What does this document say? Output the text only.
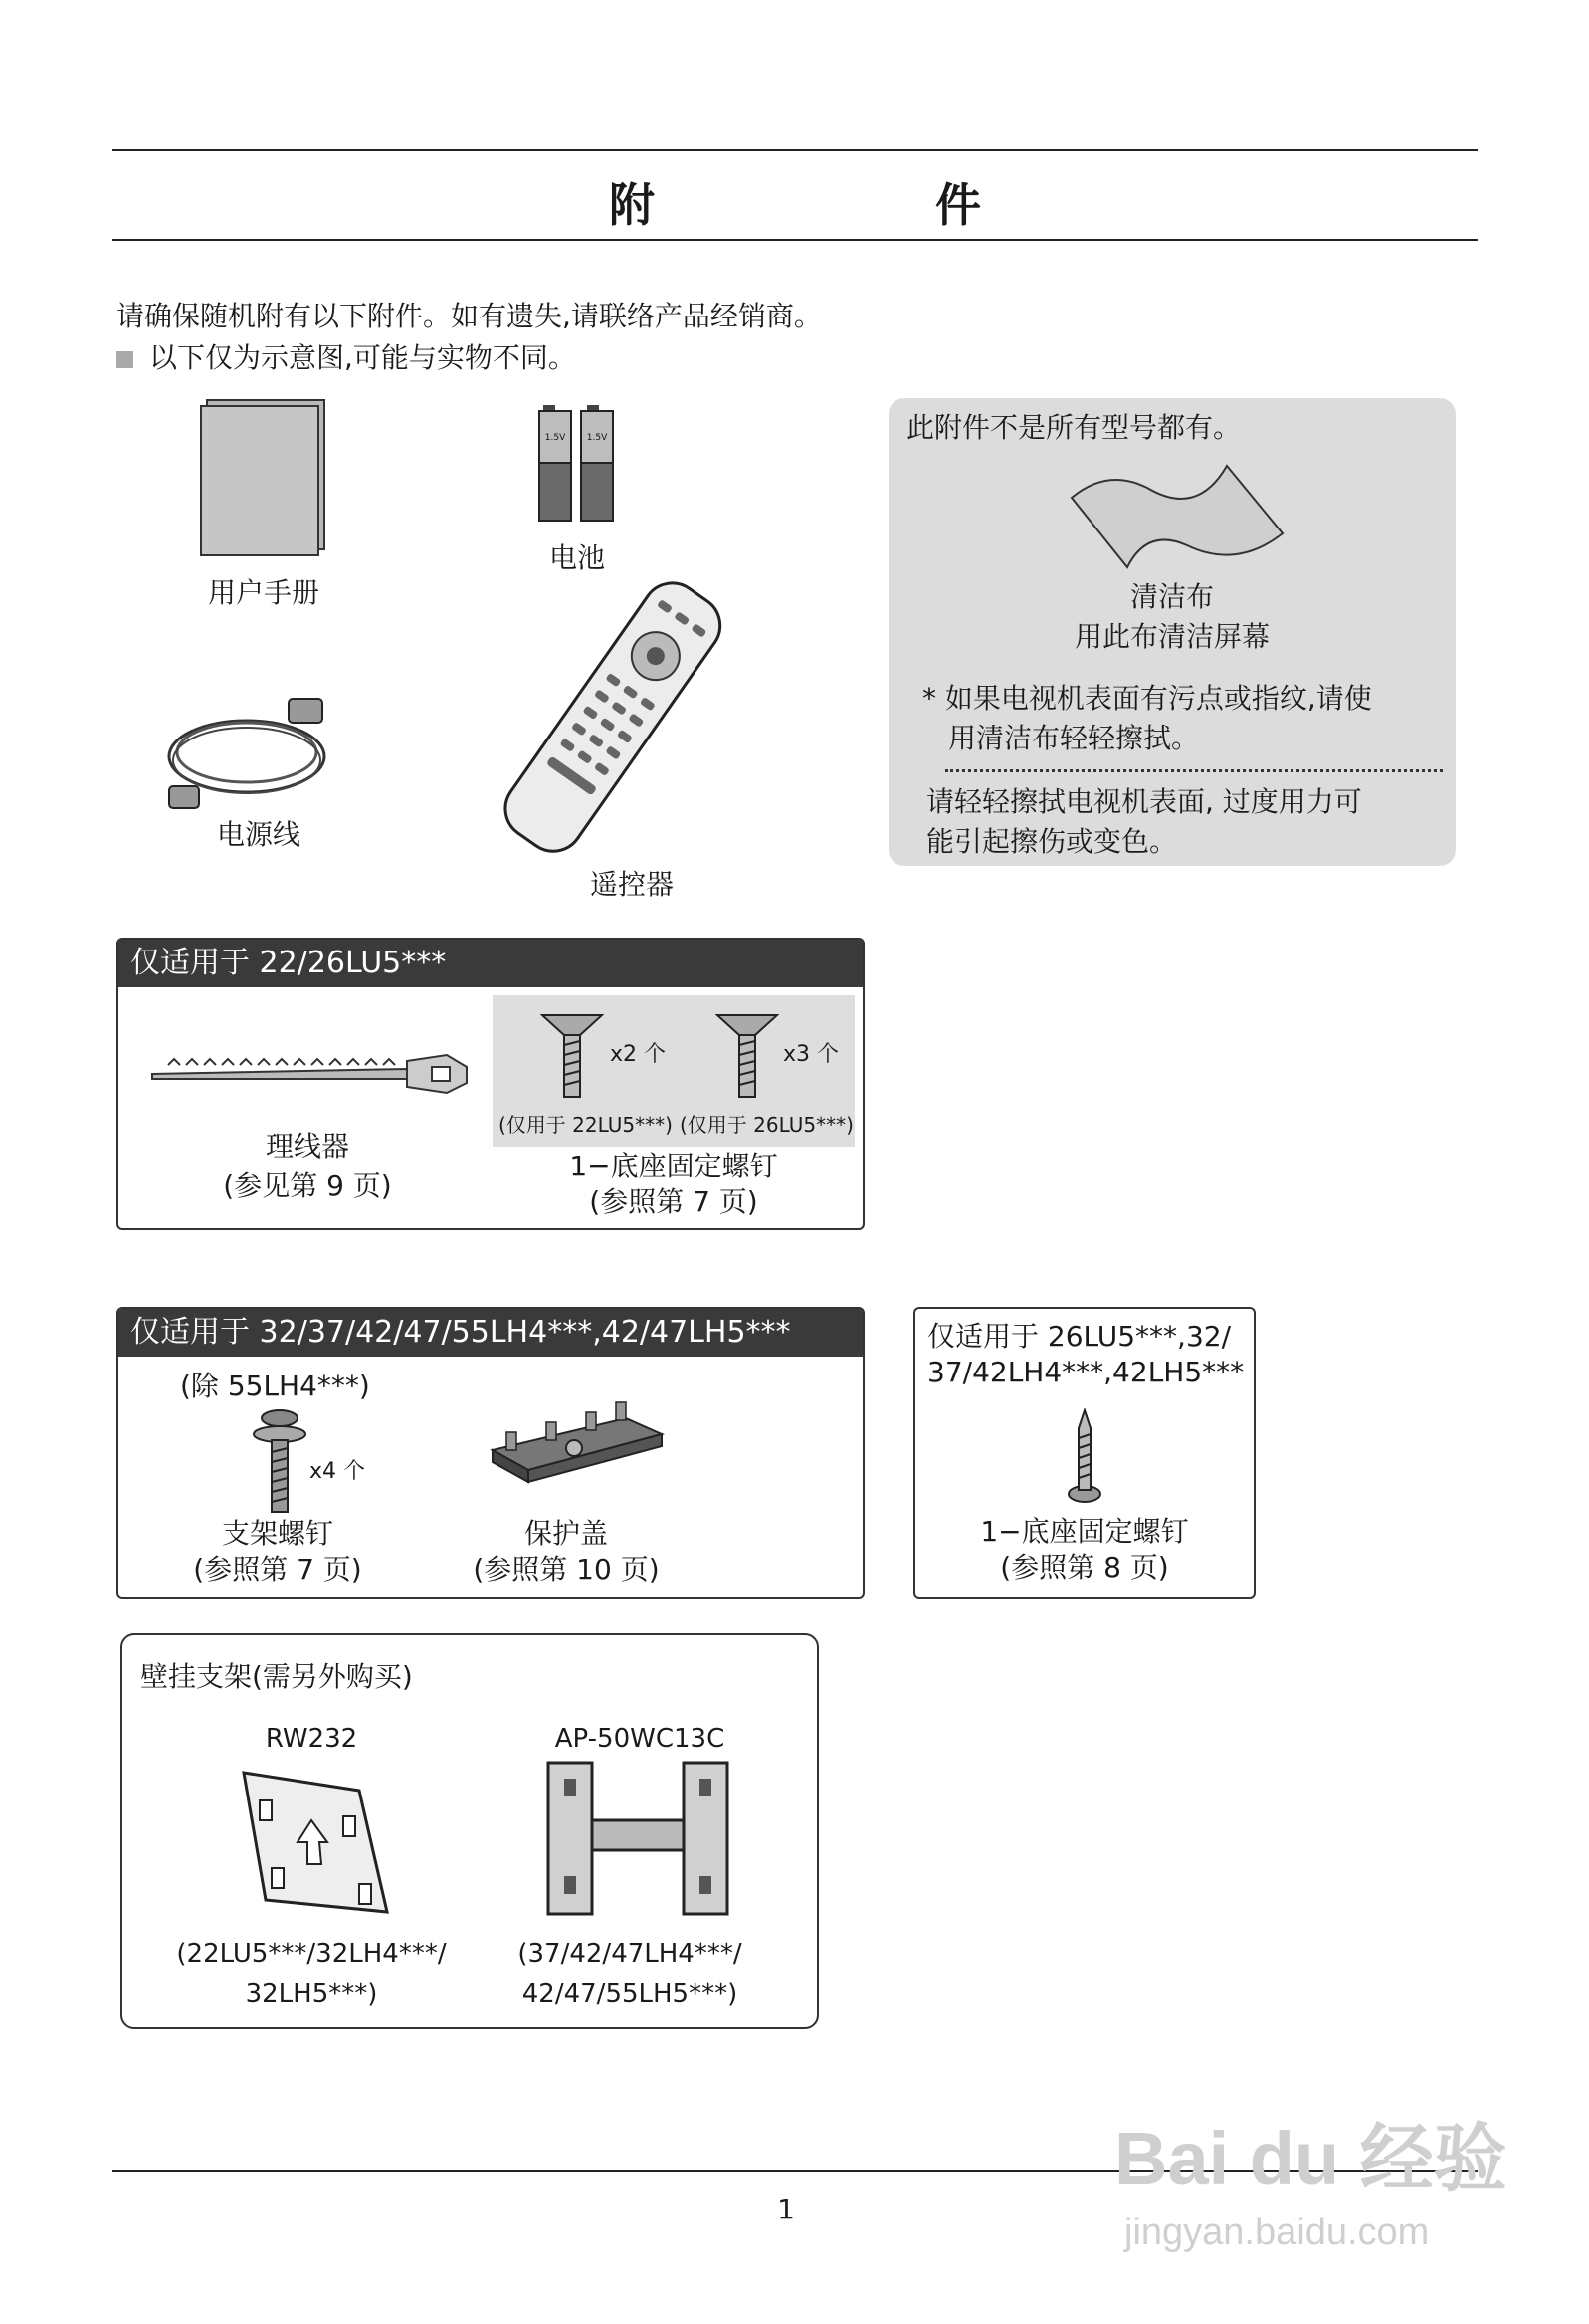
附　件
请确保随机附有以下附件。如有遗失,请联络产品经销商。
以下仅为示意图,可能与实物不同。
用户手册
1.5V 1.5V
电池
电源线
遥控器
此附件不是所有型号都有。
清洁布
用此布清洁屏幕
* 如果电视机表面有污点或指纹,请使
用清洁布轻轻擦拭。
请轻轻擦拭电视机表面, 过度用力可
能引起擦伤或变色。
仅适用于 22/26LU5***
理线器
(参见第 9 页)
x2 个	x3 个
(仅用于 22LU5***) (仅用于 26LU5***)
1−底座固定螺钉
(参照第 7 页)
仅适用于 32/37/42/47/55LH4***,42/47LH5***
(除 55LH4***)
x4 个
支架螺钉
(参照第 7 页)
保护盖
(参照第 10 页)
仅适用于 26LU5***,32/
37/42LH4***,42LH5***
1−底座固定螺钉
(参照第 8 页)
壁挂支架(需另外购买)
RW232
(22LU5***/32LH4***/
32LH5***)
AP-50WC13C
(37/42/47LH4***/
42/47/55LH5***)
1
Bai du 经验
jingyan.baidu.com
